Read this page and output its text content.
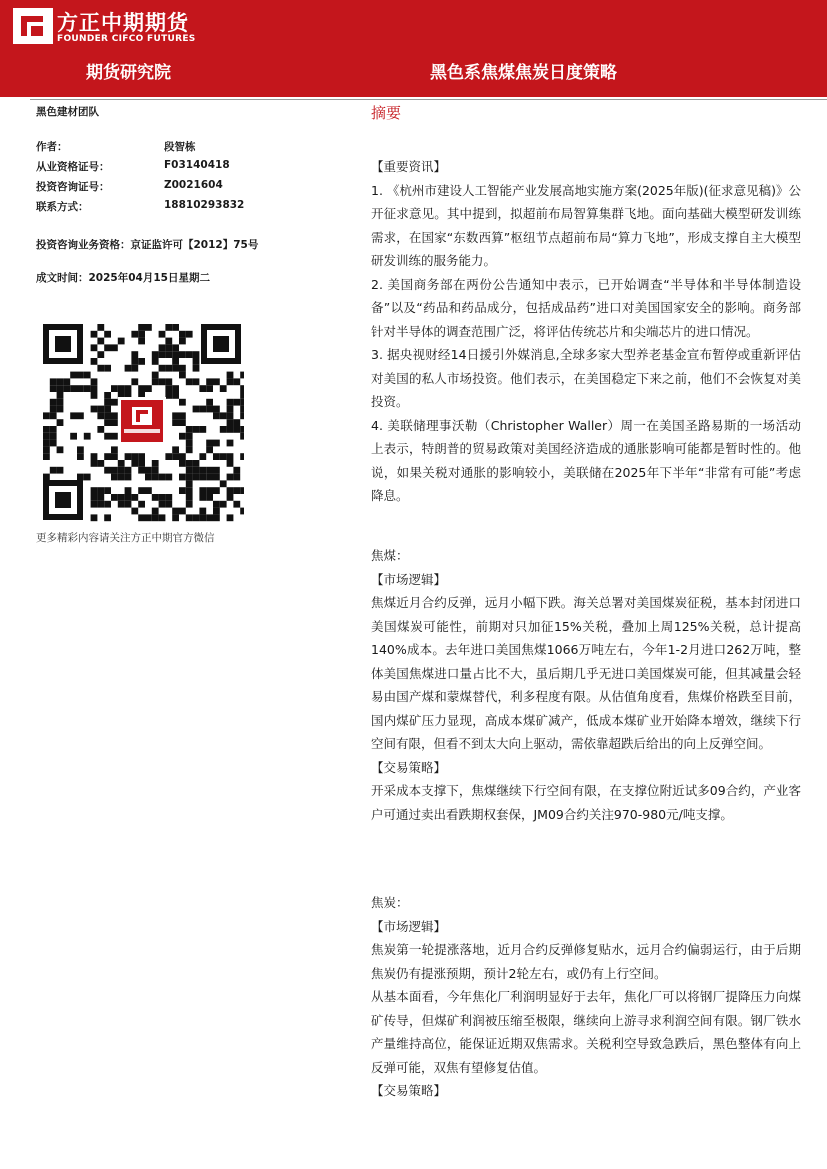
方正中期期货
FOUNDER CIFCO FUTURES
期货研究院	黑色系焦煤焦炭日度策略
黑色建材团队
作者：	段智栋
从业资格证号：	F03140418
投资咨询证号：	Z0021604
联系方式：	18810293832
投资咨询业务资格：京证监许可【2012】75号
成文时间：2025年04月15日星期二
更多精彩内容请关注方正中期官方微信
摘要

【重要资讯】

1. 《杭州市建设人工智能产业发展高地实施方案(2025年版)(征求意见稿)》公开征求意见。其中提到，拟超前布局智算集群飞地。面向基础大模型研发训练需求，在国家“东数西算”枢纽节点超前布局“算力飞地”，形成支撑自主大模型研发训练的服务能力。

2. 美国商务部在两份公告通知中表示，已开始调查“半导体和半导体制造设备”以及“药品和药品成分，包括成品药”进口对美国国家安全的影响。商务部针对半导体的调查范围广泛，将评估传统芯片和尖端芯片的进口情况。

3. 据央视财经14日援引外媒消息,全球多家大型养老基金宣布暂停或重新评估对美国的私人市场投资。他们表示，在美国稳定下来之前，他们不会恢复对美投资。

4. 美联储理事沃勒（Christopher Waller）周一在美国圣路易斯的一场活动上表示，特朗普的贸易政策对美国经济造成的通胀影响可能都是暂时性的。他说，如果关税对通胀的影响较小，美联储在2025年下半年“非常有可能”考虑降息。

焦煤：

【市场逻辑】

焦煤近月合约反弹，远月小幅下跌。海关总署对美国煤炭征税，基本封闭进口美国煤炭可能性，前期对只加征15%关税，叠加上周125%关税，总计提高140%成本。去年进口美国焦煤1066万吨左右，今年1-2月进口262万吨，整体美国焦煤进口量占比不大，虽后期几乎无进口美国煤炭可能，但其减量会轻易由国产煤和蒙煤替代，利多程度有限。从估值角度看，焦煤价格跌至目前，国内煤矿压力显现，高成本煤矿减产，低成本煤矿业开始降本增效，继续下行空间有限，但看不到太大向上驱动，需依靠超跌后给出的向上反弹空间。

【交易策略】

开采成本支撑下，焦煤继续下行空间有限，在支撑位附近试多09合约，产业客户可通过卖出看跌期权套保，JM09合约关注970-980元/吨支撑。

焦炭：

【市场逻辑】

焦炭第一轮提涨落地，近月合约反弹修复贴水，远月合约偏弱运行，由于后期焦炭仍有提涨预期，预计2轮左右，或仍有上行空间。

从基本面看，今年焦化厂利润明显好于去年，焦化厂可以将钢厂提降压力向煤矿传导，但煤矿利润被压缩至极限，继续向上游寻求利润空间有限。钢厂铁水产量维持高位，能保证近期双焦需求。关税利空导致急跌后，黑色整体有向上反弹可能，双焦有望修复估值。

【交易策略】
